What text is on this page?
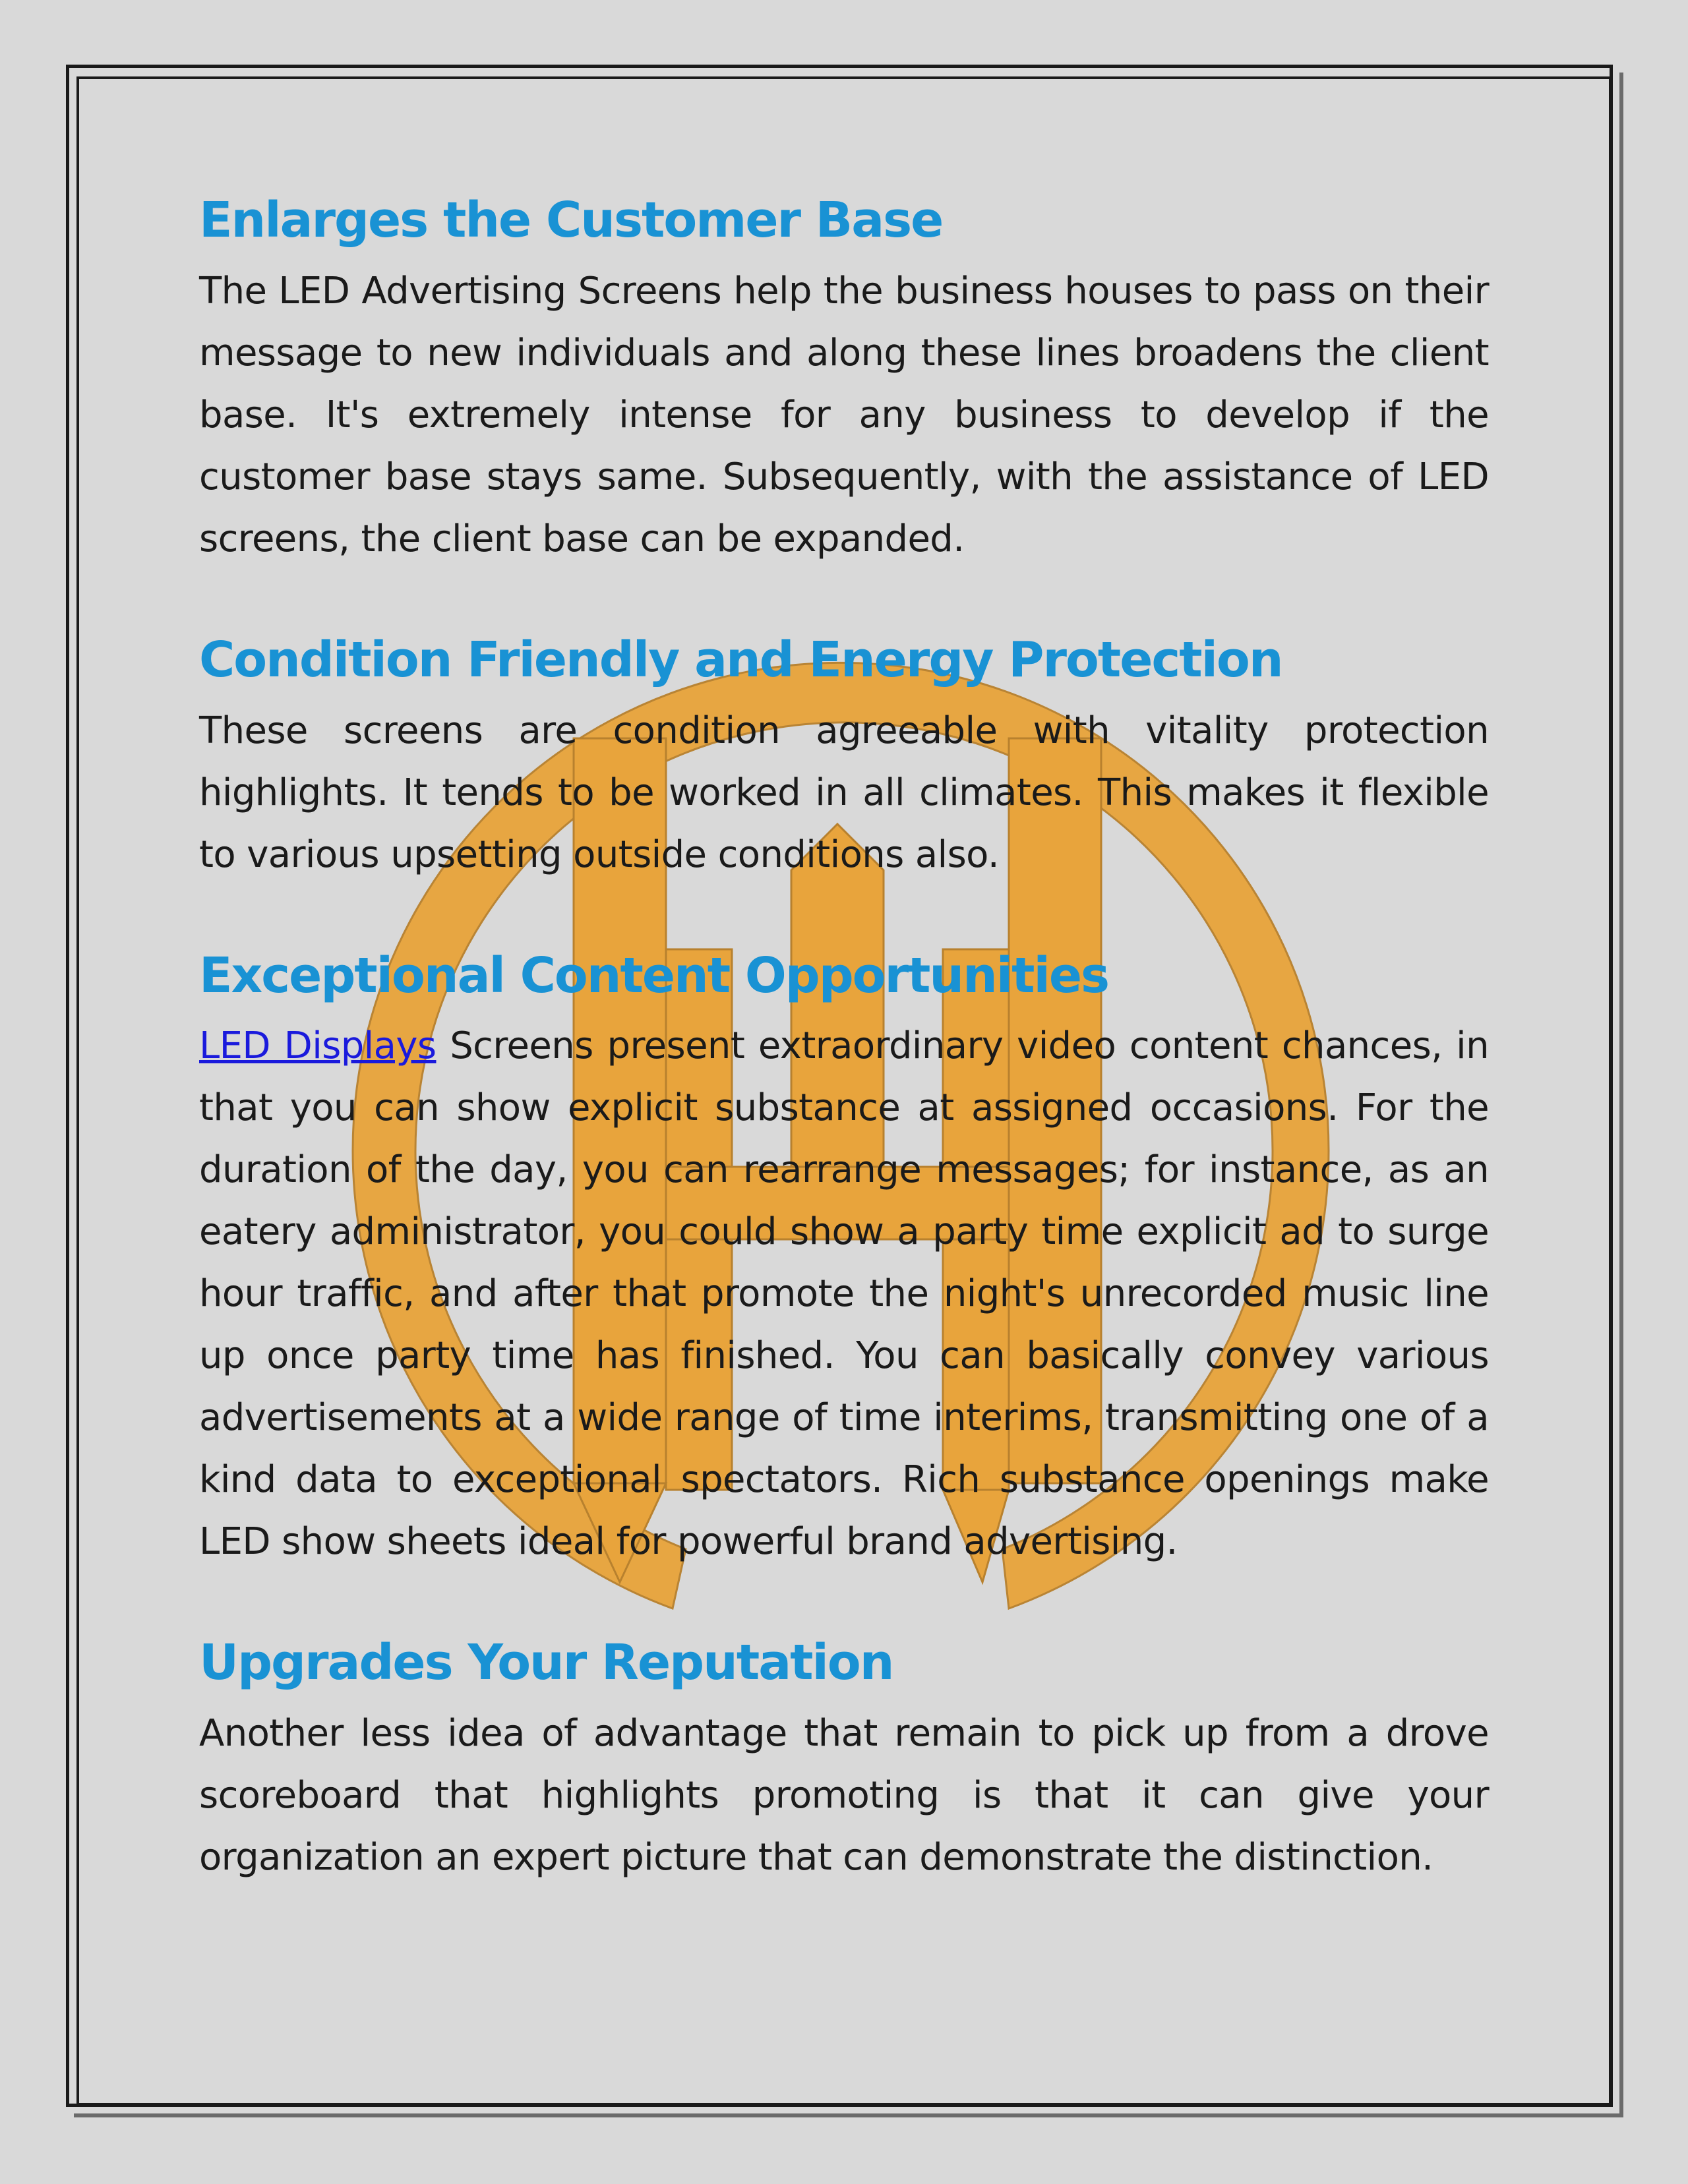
Enlarges the Customer Base

The LED Advertising Screens help the business houses to pass on their message to new individuals and along these lines broadens the client base. It's extremely intense for any business to develop if the customer base stays same. Subsequently, with the assistance of LED screens, the client base can be expanded.

Condition Friendly and Energy Protection

These screens are condition agreeable with vitality protection highlights. It tends to be worked in all climates. This makes it flexible to various upsetting outside conditions also.

Exceptional Content Opportunities

LED Displays Screens present extraordinary video content chances, in that you can show explicit substance at assigned occasions. For the duration of the day, you can rearrange messages; for instance, as an eatery administrator, you could show a party time explicit ad to surge hour traffic, and after that promote the night's unrecorded music line up once party time has finished. You can basically convey various advertisements at a wide range of time interims, transmitting one of a kind data to exceptional spectators. Rich substance openings make LED show sheets ideal for powerful brand advertising.

Upgrades Your Reputation

Another less idea of advantage that remain to pick up from a drove scoreboard that highlights promoting is that it can give your organization an expert picture that can demonstrate the distinction.
